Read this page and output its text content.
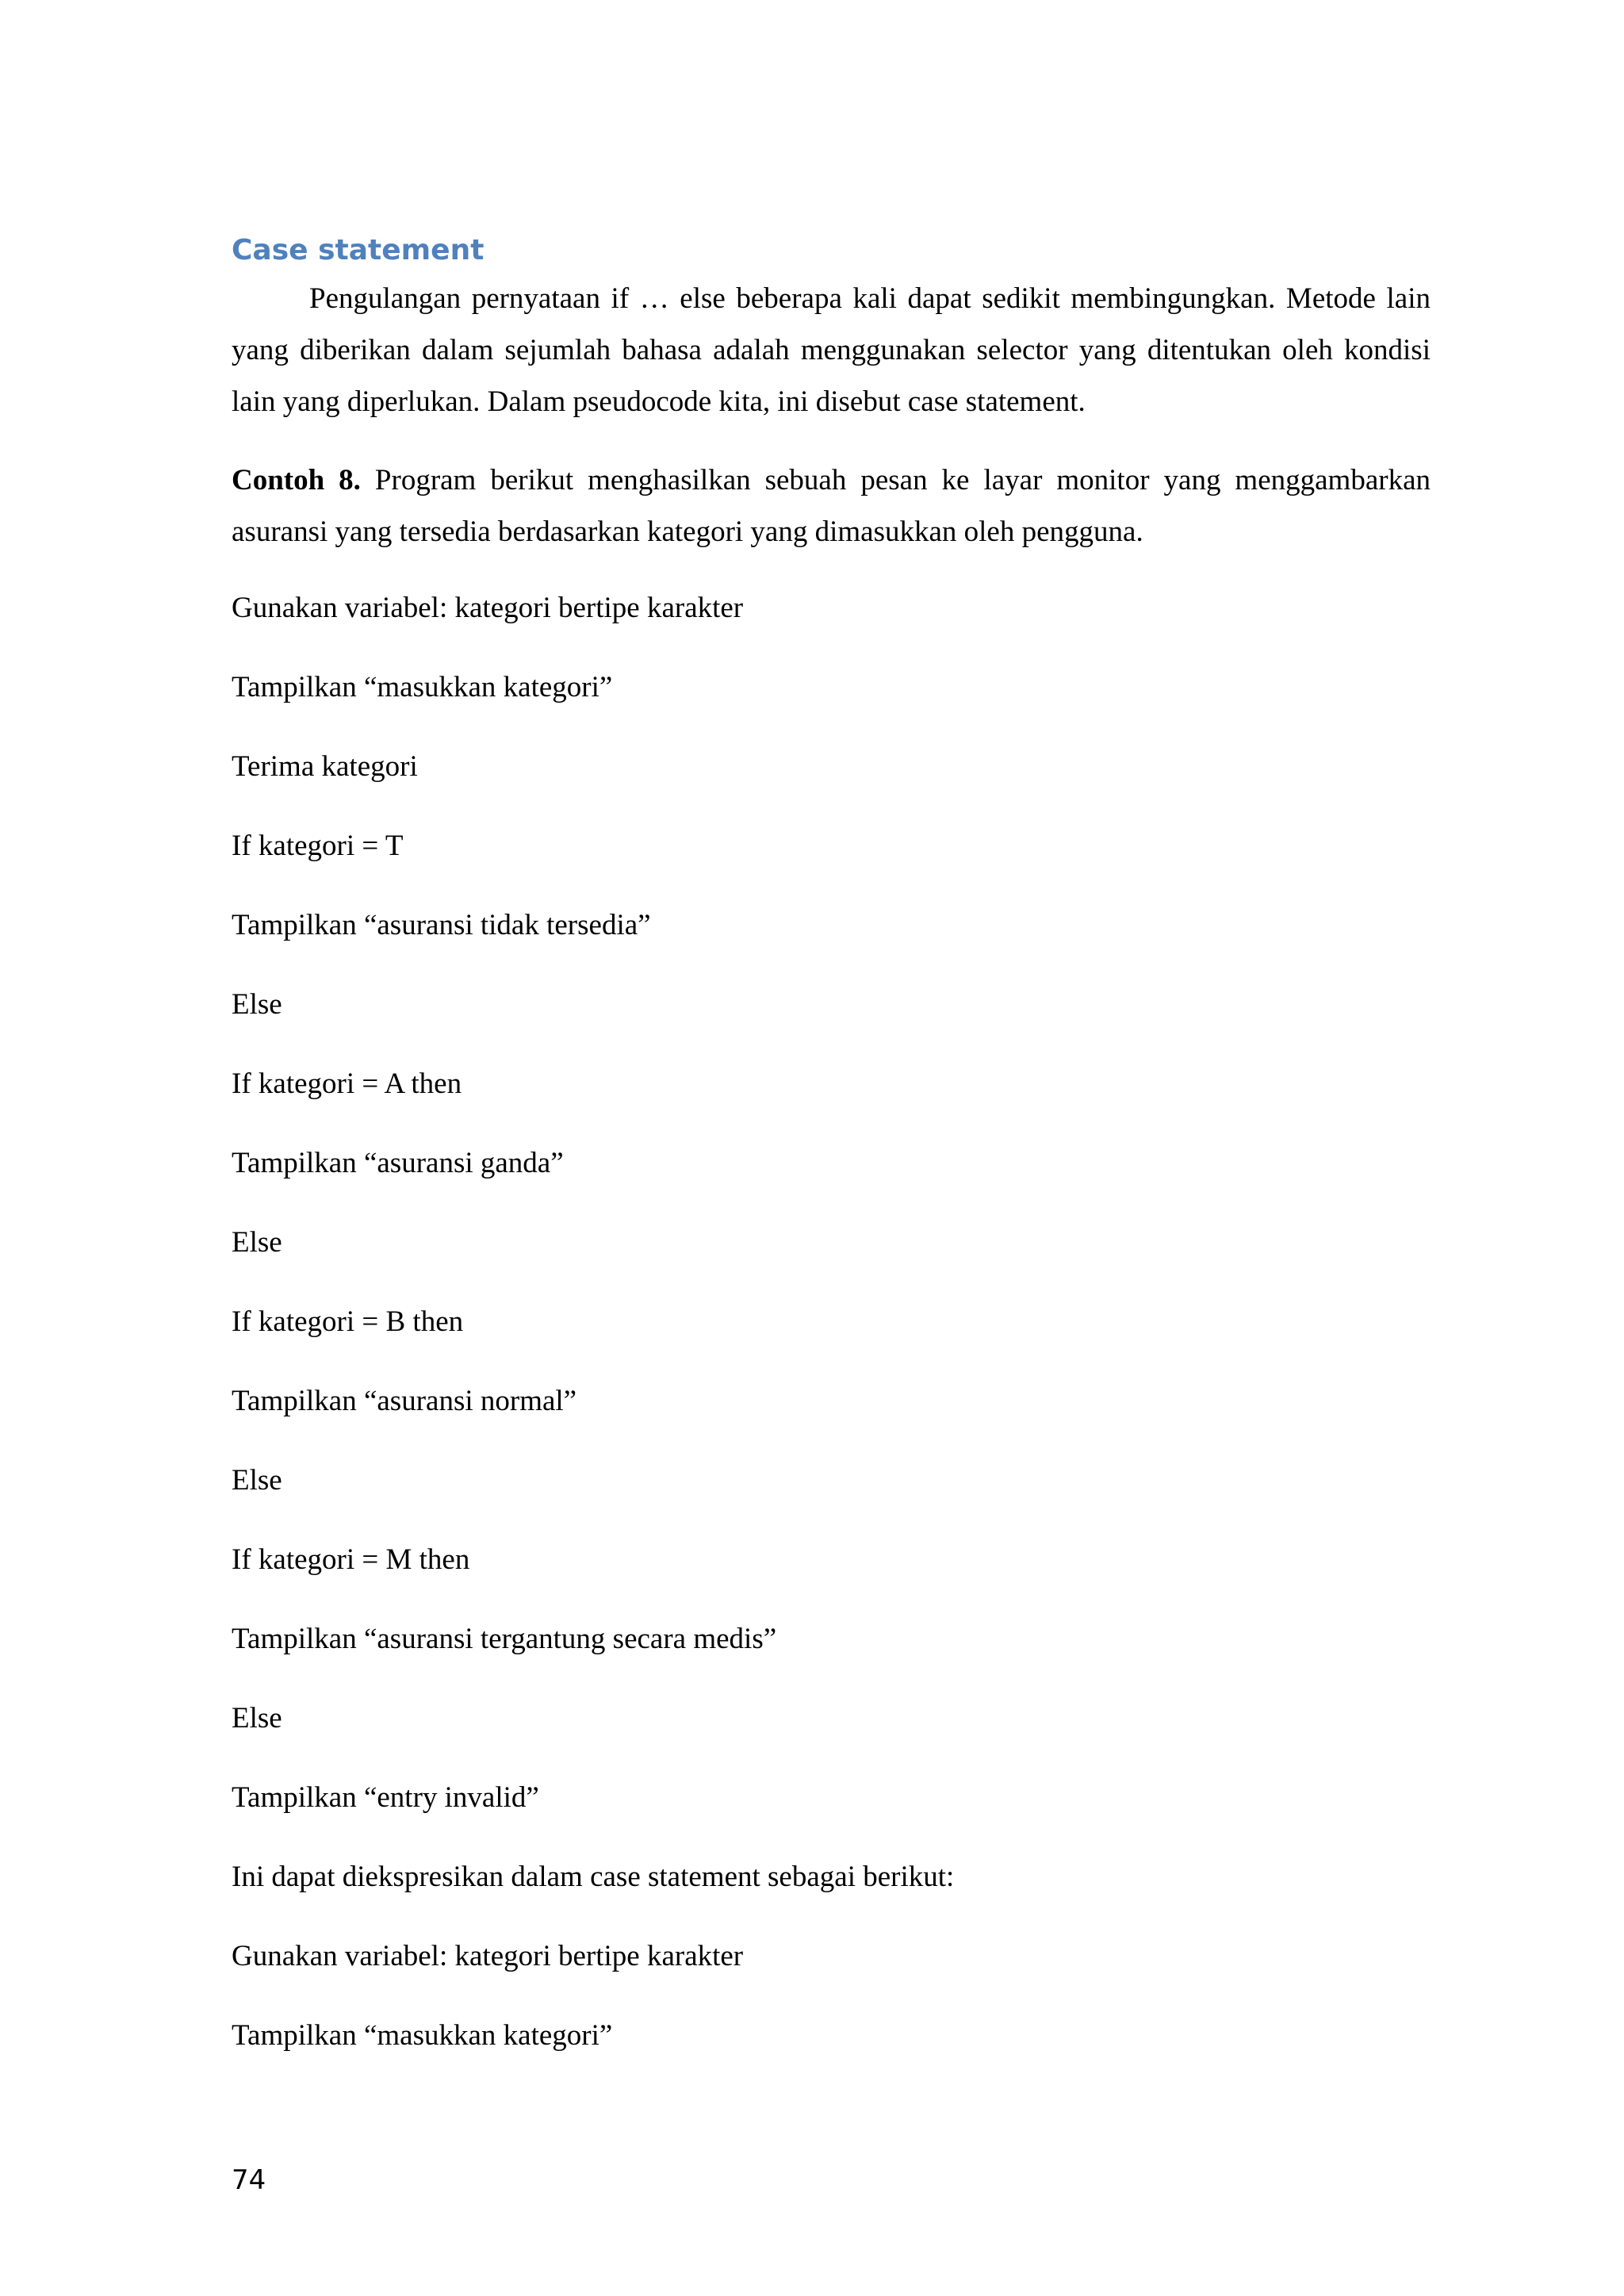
Case statement

Pengulangan pernyataan if … else beberapa kali dapat sedikit membingungkan. Metode lain yang diberikan dalam sejumlah bahasa adalah menggunakan selector yang ditentukan oleh kondisi lain yang diperlukan. Dalam pseudocode kita, ini disebut case statement.

Contoh 8. Program berikut menghasilkan sebuah pesan ke layar monitor yang menggambarkan asuransi yang tersedia berdasarkan kategori yang dimasukkan oleh pengguna.

Gunakan variabel: kategori bertipe karakter

Tampilkan “masukkan kategori”

Terima kategori

If kategori = T

Tampilkan “asuransi tidak tersedia”

Else

If kategori = A then

Tampilkan “asuransi ganda”

Else

If kategori = B then

Tampilkan “asuransi normal”

Else

If kategori = M then

Tampilkan “asuransi tergantung secara medis”

Else

Tampilkan “entry invalid”

Ini dapat diekspresikan dalam case statement sebagai berikut:

Gunakan variabel: kategori bertipe karakter

Tampilkan “masukkan kategori”

74
